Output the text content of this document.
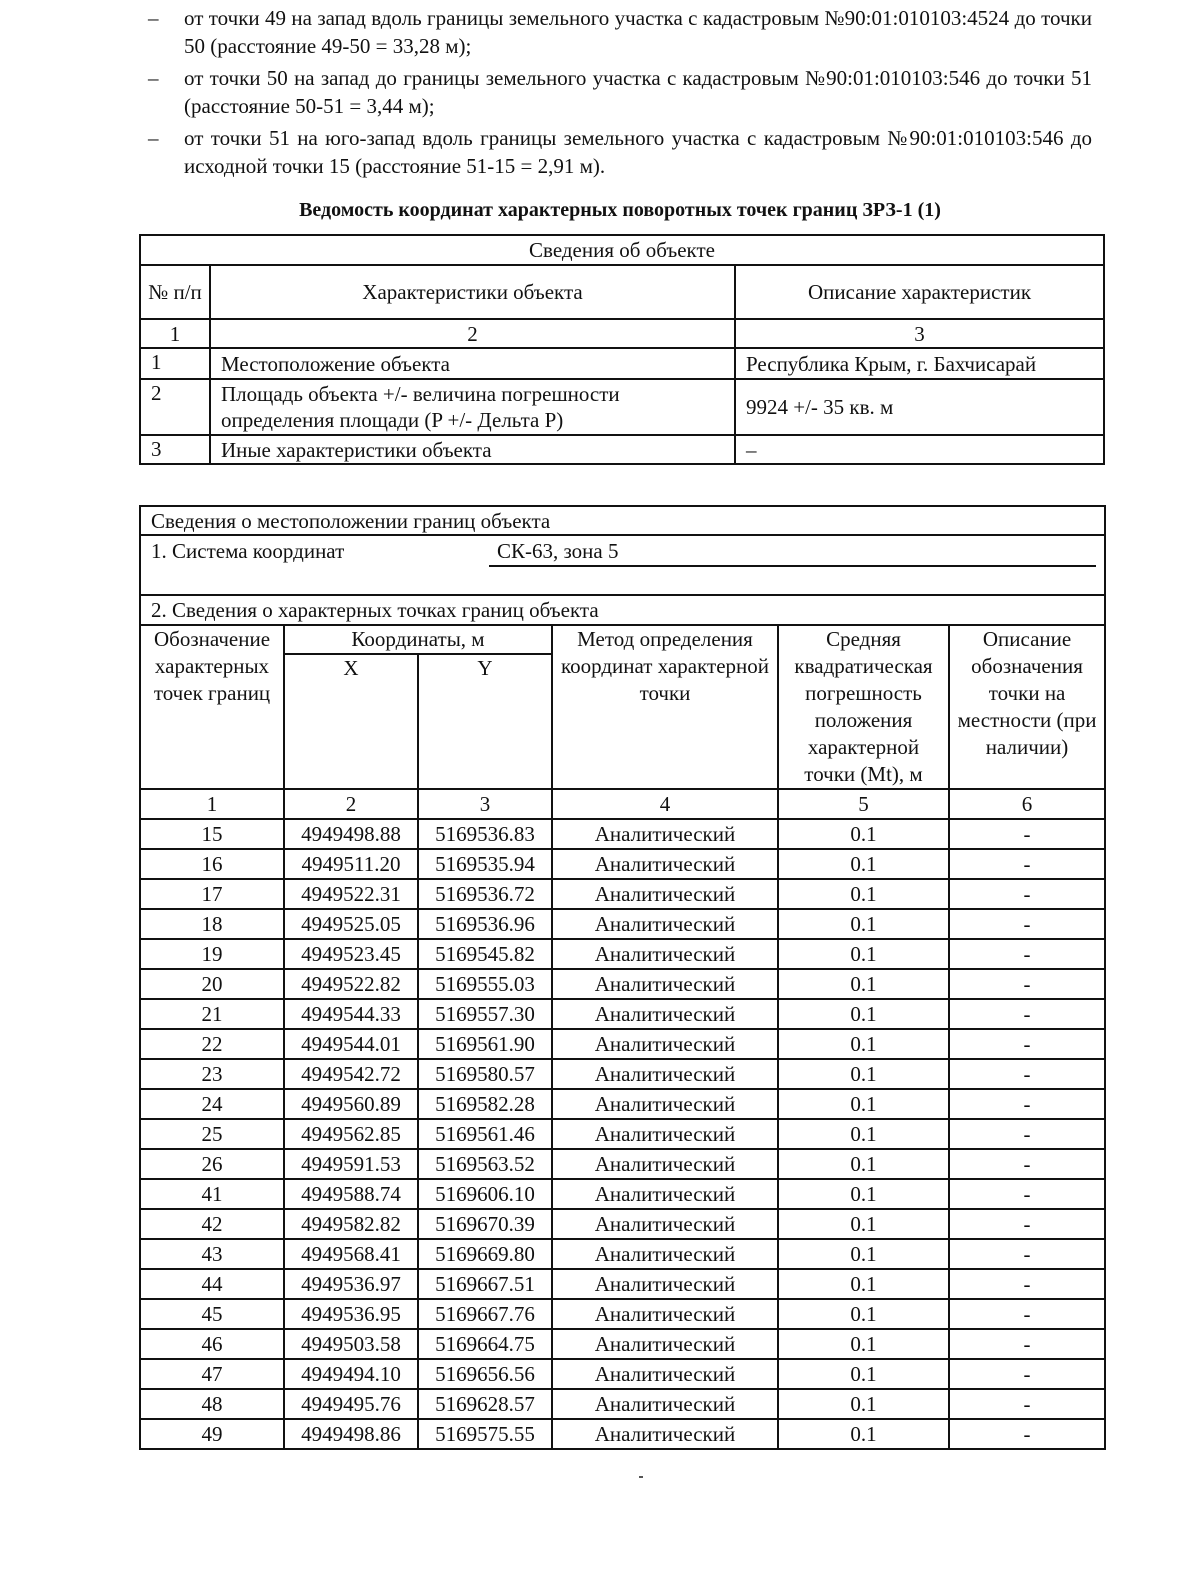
– от точки 49 на запад вдоль границы земельного участка с кадастровым №90:01:010103:4524 до точки 50 (расстояние 49-50 = 33,28 м);
– от точки 50 на запад до границы земельного участка с кадастровым №90:01:010103:546 до точки 51 (расстояние 50-51 = 3,44 м);
– от точки 51 на юго-запад вдоль границы земельного участка с кадастровым №90:01:010103:546 до исходной точки 15 (расстояние 51-15 = 2,91 м).
Ведомость координат характерных поворотных точек границ ЗРЗ-1 (1)
Сведения об объекте		
№ п/п	Характеристики объекта	Описание характеристик
1	2	3
1	Местоположение объекта	Республика Крым, г. Бахчисарай
2	Площадь объекта +/- величина погрешности определения площади (P +/- Дельта P)	9924 +/- 35 кв. м
3	Иные характеристики объекта	–
Сведения о местоположении границ объекта					

1. Система координат СК-63, зона 5					

2. Сведения о характерных точках границ объекта					
Обозначение характерных точек границ	Координаты, м		Метод определения координат характерной точки	Средняя квадратическая погрешность положения характерной точки (Mt), м	Описание обозначения точки на местности (при наличии)
	X	Y			
1	2	3	4	5	6
15	4949498.88	5169536.83	Аналитический	0.1	-
16	4949511.20	5169535.94	Аналитический	0.1	-
17	4949522.31	5169536.72	Аналитический	0.1	-
18	4949525.05	5169536.96	Аналитический	0.1	-
19	4949523.45	5169545.82	Аналитический	0.1	-
20	4949522.82	5169555.03	Аналитический	0.1	-
21	4949544.33	5169557.30	Аналитический	0.1	-
22	4949544.01	5169561.90	Аналитический	0.1	-
23	4949542.72	5169580.57	Аналитический	0.1	-
24	4949560.89	5169582.28	Аналитический	0.1	-
25	4949562.85	5169561.46	Аналитический	0.1	-
26	4949591.53	5169563.52	Аналитический	0.1	-
41	4949588.74	5169606.10	Аналитический	0.1	-
42	4949582.82	5169670.39	Аналитический	0.1	-
43	4949568.41	5169669.80	Аналитический	0.1	-
44	4949536.97	5169667.51	Аналитический	0.1	-
45	4949536.95	5169667.76	Аналитический	0.1	-
46	4949503.58	5169664.75	Аналитический	0.1	-
47	4949494.10	5169656.56	Аналитический	0.1	-
48	4949495.76	5169628.57	Аналитический	0.1	-
49	4949498.86	5169575.55	Аналитический	0.1	-
